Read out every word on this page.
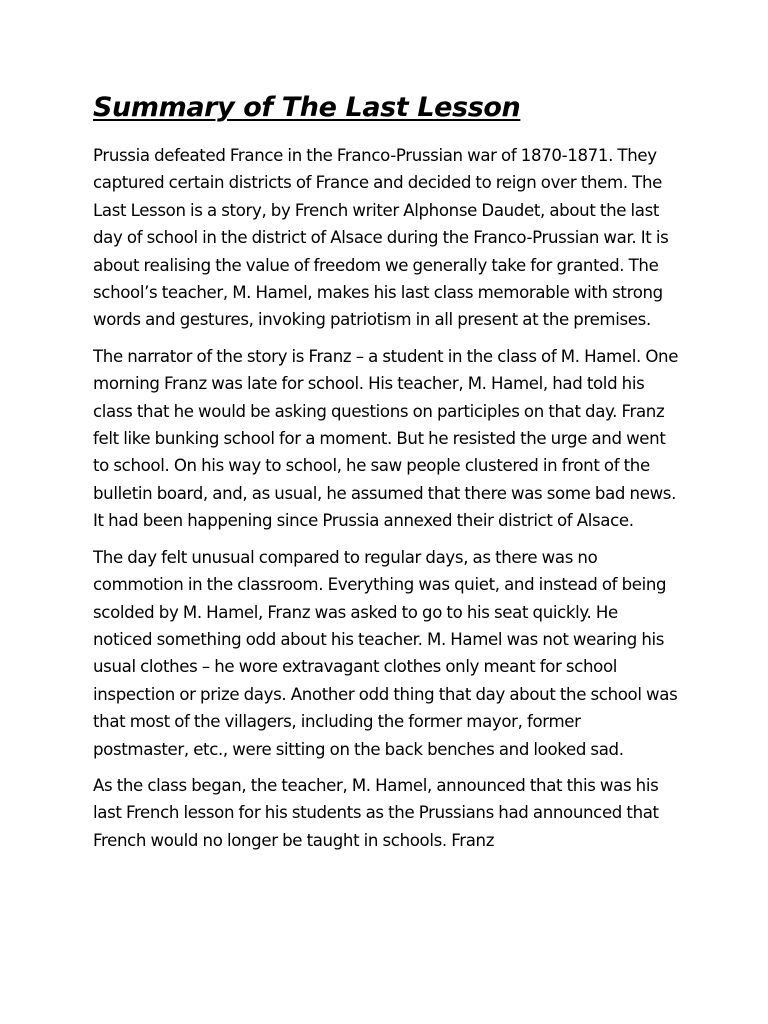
Summary of The Last Lesson

Prussia defeated France in the Franco-Prussian war of 1870-1871. They captured certain districts of France and decided to reign over them. The Last Lesson is a story, by French writer Alphonse Daudet, about the last day of school in the district of Alsace during the Franco-Prussian war. It is about realising the value of freedom we generally take for granted. The school’s teacher, M. Hamel, makes his last class memorable with strong words and gestures, invoking patriotism in all present at the premises.

The narrator of the story is Franz – a student in the class of M. Hamel. One morning Franz was late for school. His teacher, M. Hamel, had told his class that he would be asking questions on participles on that day. Franz felt like bunking school for a moment. But he resisted the urge and went to school. On his way to school, he saw people clustered in front of the bulletin board, and, as usual, he assumed that there was some bad news. It had been happening since Prussia annexed their district of Alsace.

The day felt unusual compared to regular days, as there was no commotion in the classroom. Everything was quiet, and instead of being scolded by M. Hamel, Franz was asked to go to his seat quickly. He noticed something odd about his teacher. M. Hamel was not wearing his usual clothes – he wore extravagant clothes only meant for school inspection or prize days. Another odd thing that day about the school was that most of the villagers, including the former mayor, former postmaster, etc., were sitting on the back benches and looked sad.

As the class began, the teacher, M. Hamel, announced that this was his last French lesson for his students as the Prussians had announced that French would no longer be taught in schools. Franz
